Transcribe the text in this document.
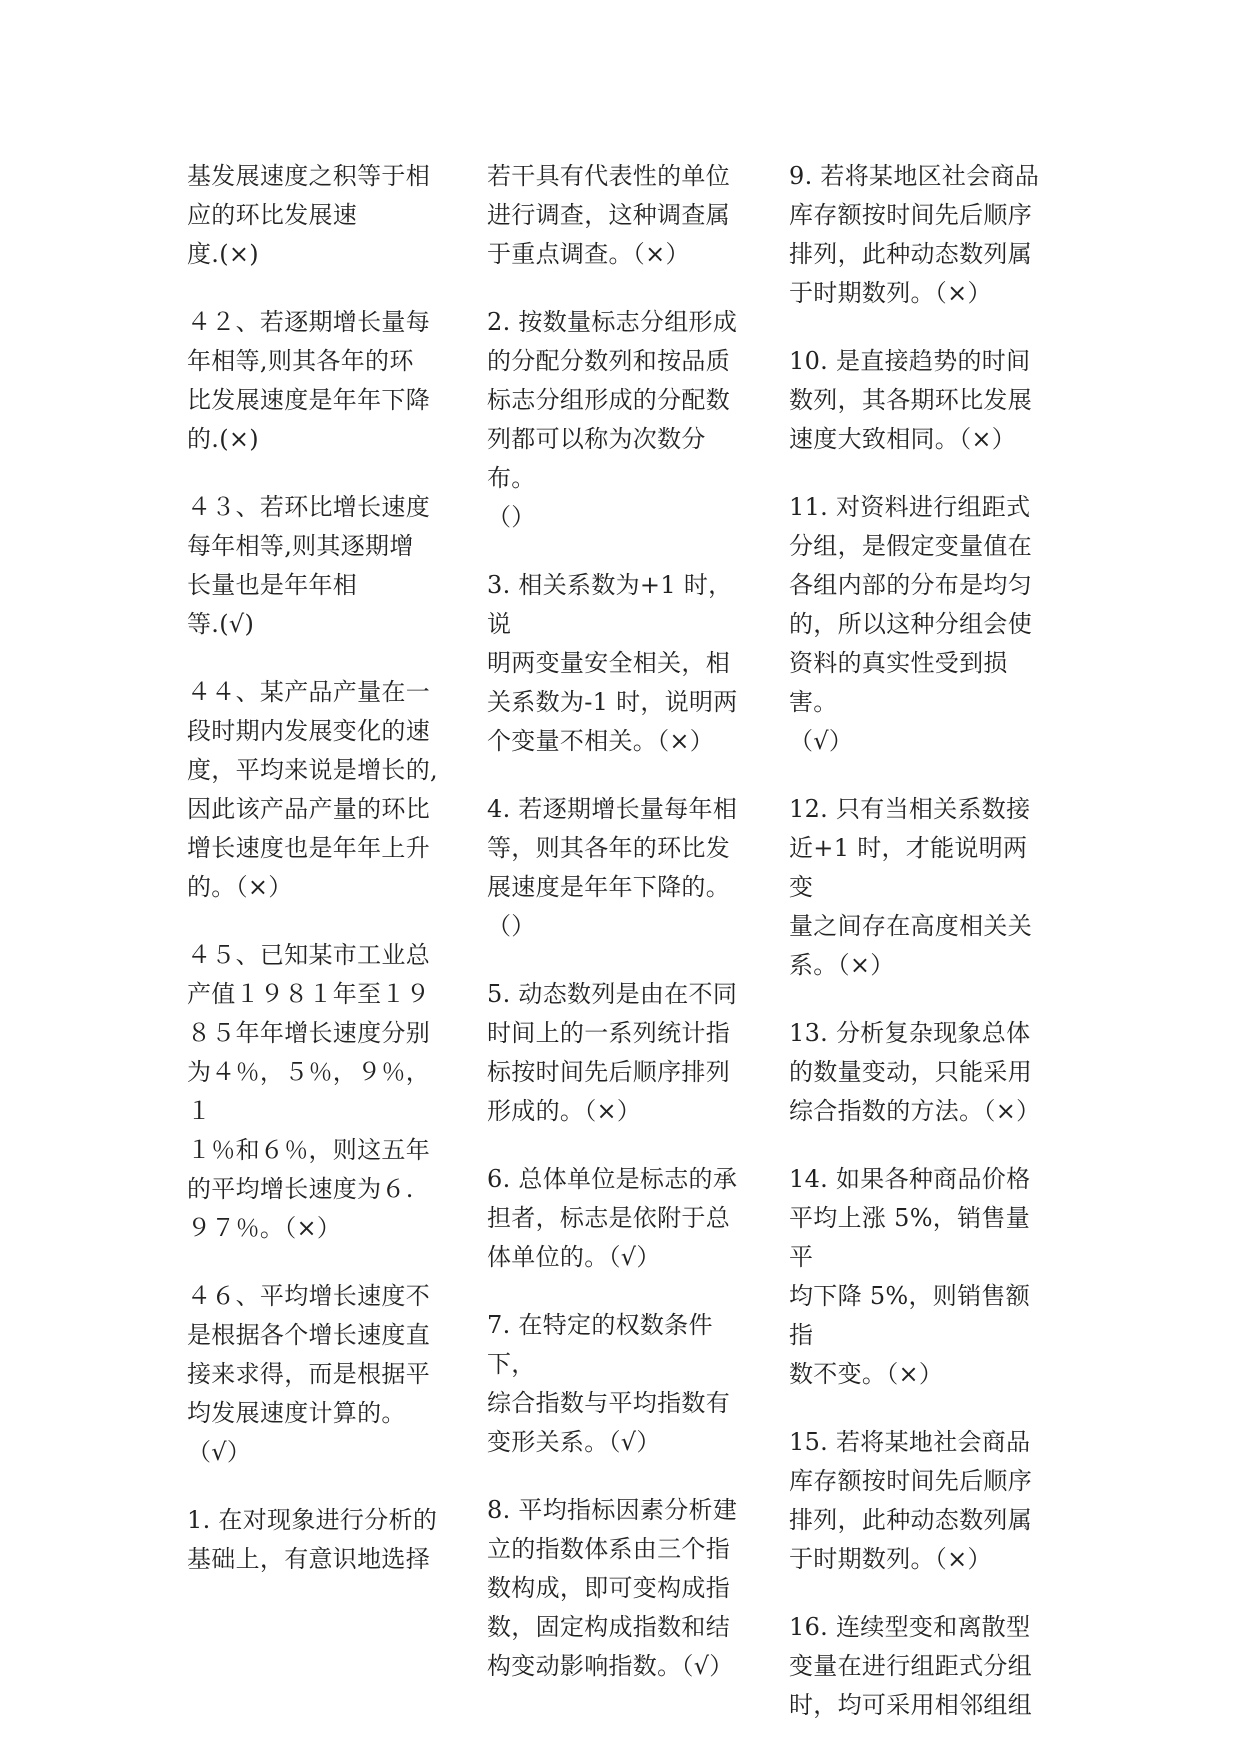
基发展速度之积等于相
应的环比发展速
度.(×)

４２、若逐期增长量每
年相等,则其各年的环
比发展速度是年年下降
的.(×)

４３、若环比增长速度
每年相等,则其逐期增
长量也是年年相
等.(√)

４４、某产品产量在一
段时期内发展变化的速
度，平均来说是增长的,
因此该产品产量的环比
增长速度也是年年上升
的。（×）

４５、已知某市工业总
产值１９８１年至１９
８５年年增长速度分别
为４％，５％，９％，１
１％和６％，则这五年
的平均增长速度为６.
９７％。（×）

４６、平均增长速度不
是根据各个增长速度直
接来求得，而是根据平
均发展速度计算的。
（√）

1. 在对现象进行分析的
基础上，有意识地选择

若干具有代表性的单位
进行调查，这种调查属
于重点调查。（×）

2. 按数量标志分组形成
的分配分数列和按品质
标志分组形成的分配数
列都可以称为次数分布。
（）

3. 相关系数为+1 时，说
明两变量安全相关，相
关系数为-1 时，说明两
个变量不相关。（×）

4. 若逐期增长量每年相
等，则其各年的环比发
展速度是年年下降的。
（）

5. 动态数列是由在不同
时间上的一系列统计指
标按时间先后顺序排列
形成的。（×）

6. 总体单位是标志的承
担者，标志是依附于总
体单位的。（√）

7. 在特定的权数条件下，
综合指数与平均指数有
变形关系。（√）

8. 平均指标因素分析建
立的指数体系由三个指
数构成，即可变构成指
数，固定构成指数和结
构变动影响指数。（√）

9. 若将某地区社会商品
库存额按时间先后顺序
排列，此种动态数列属
于时期数列。（×）

10. 是直接趋势的时间
数列，其各期环比发展
速度大致相同。（×）

11. 对资料进行组距式
分组，是假定变量值在
各组内部的分布是均匀
的，所以这种分组会使
资料的真实性受到损害。
（√）

12. 只有当相关系数接
近+1 时，才能说明两变
量之间存在高度相关关
系。（×）

13. 分析复杂现象总体
的数量变动，只能采用
综合指数的方法。（×）

14. 如果各种商品价格
平均上涨 5%，销售量平
均下降 5%，则销售额指
数不变。（×）

15. 若将某地社会商品
库存额按时间先后顺序
排列，此种动态数列属
于时期数列。（×）

16. 连续型变和离散型
变量在进行组距式分组
时，均可采用相邻组组
